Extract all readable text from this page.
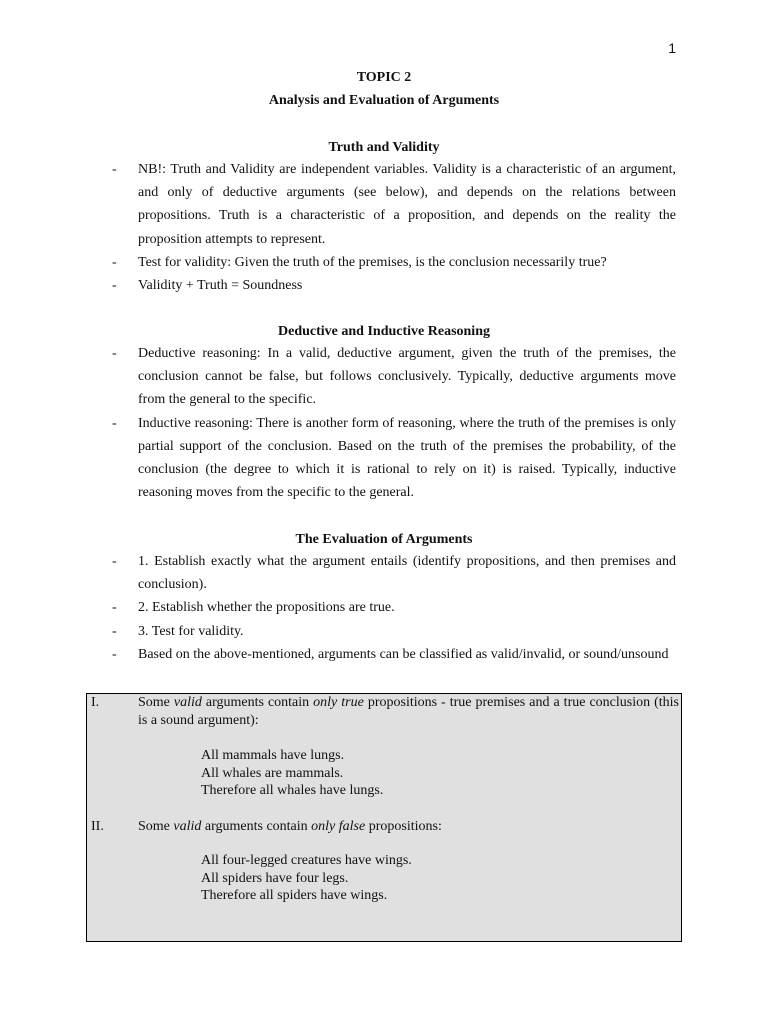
1
TOPIC 2
Analysis and Evaluation of Arguments
Truth and Validity
- NB!: Truth and Validity are independent variables. Validity is a characteristic of an argument, and only of deductive arguments (see below), and depends on the relations between propositions. Truth is a characteristic of a proposition, and depends on the reality the proposition attempts to represent.
- Test for validity: Given the truth of the premises, is the conclusion necessarily true?
- Validity + Truth = Soundness
Deductive and Inductive Reasoning
- Deductive reasoning: In a valid, deductive argument, given the truth of the premises, the conclusion cannot be false, but follows conclusively. Typically, deductive arguments move from the general to the specific.
- Inductive reasoning: There is another form of reasoning, where the truth of the premises is only partial support of the conclusion. Based on the truth of the premises the probability, of the conclusion (the degree to which it is rational to rely on it) is raised. Typically, inductive reasoning moves from the specific to the general.
The Evaluation of Arguments
- 1. Establish exactly what the argument entails (identify propositions, and then premises and conclusion).
- 2. Establish whether the propositions are true.
- 3. Test for validity.
- Based on the above-mentioned, arguments can be classified as valid/invalid, or sound/unsound
I.	Some valid arguments contain only true propositions - true premises and a true conclusion (this is a sound argument):
All mammals have lungs.
All whales are mammals.
Therefore all whales have lungs.
II. Some valid arguments contain only false propositions:
All four-legged creatures have wings.
All spiders have four legs.
Therefore all spiders have wings.
